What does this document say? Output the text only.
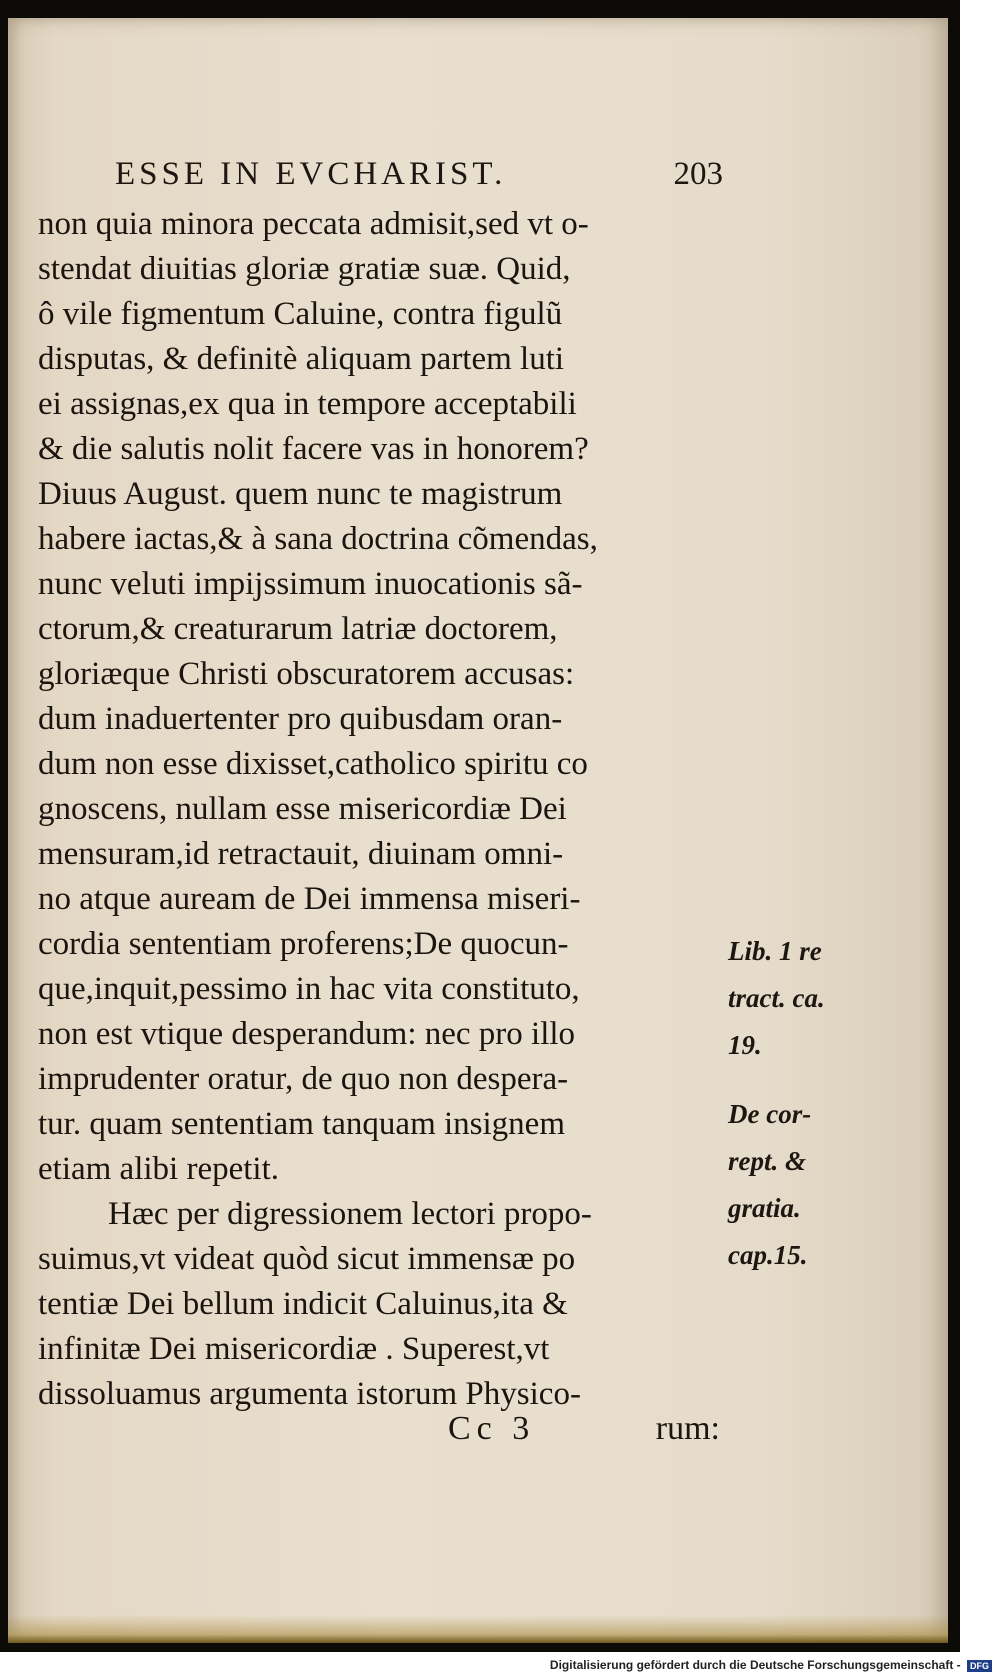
ESSE IN EVCHARIST.	203
non quia minora peccata admisit,sed vt o-
stendat diuitias gloriæ gratiæ suæ. Quid,
ô vile figmentum Caluine, contra figulũ
disputas, & definitè aliquam partem luti
ei assignas,ex qua in tempore acceptabili
& die salutis nolit facere vas in honorem?
Diuus August. quem nunc te magistrum
habere iactas,& à sana doctrina cõmendas,
nunc veluti impijssimum inuocationis sã-
ctorum,& creaturarum latriæ doctorem,
gloriæque Christi obscuratorem accusas:
dum inaduertenter pro quibusdam oran-
dum non esse dixisset,catholico spiritu co
gnoscens, nullam esse misericordiæ Dei
mensuram,id retractauit, diuinam omni-
no atque auream de Dei immensa miseri-
cordia sententiam proferens;De quocun-
que,inquit,pessimo in hac vita constituto,
non est vtique desperandum: nec pro illo
imprudenter oratur, de quo non despera-
tur. quam sententiam tanquam insignem
etiam alibi repetit.
Hæc per digressionem lectori propo-
suimus,vt videat quòd sicut immensæ po
tentiæ Dei bellum indicit Caluinus,ita &
infinitæ Dei misericordiæ . Superest,vt
dissoluamus argumenta istorum Physico-
Lib. 1 re
tract. ca.
19.
De cor-
rept. &
gratia.
cap.15.
Cc 3	rum:
Digitalisierung gefördert durch die Deutsche Forschungsgemeinschaft - DFG
